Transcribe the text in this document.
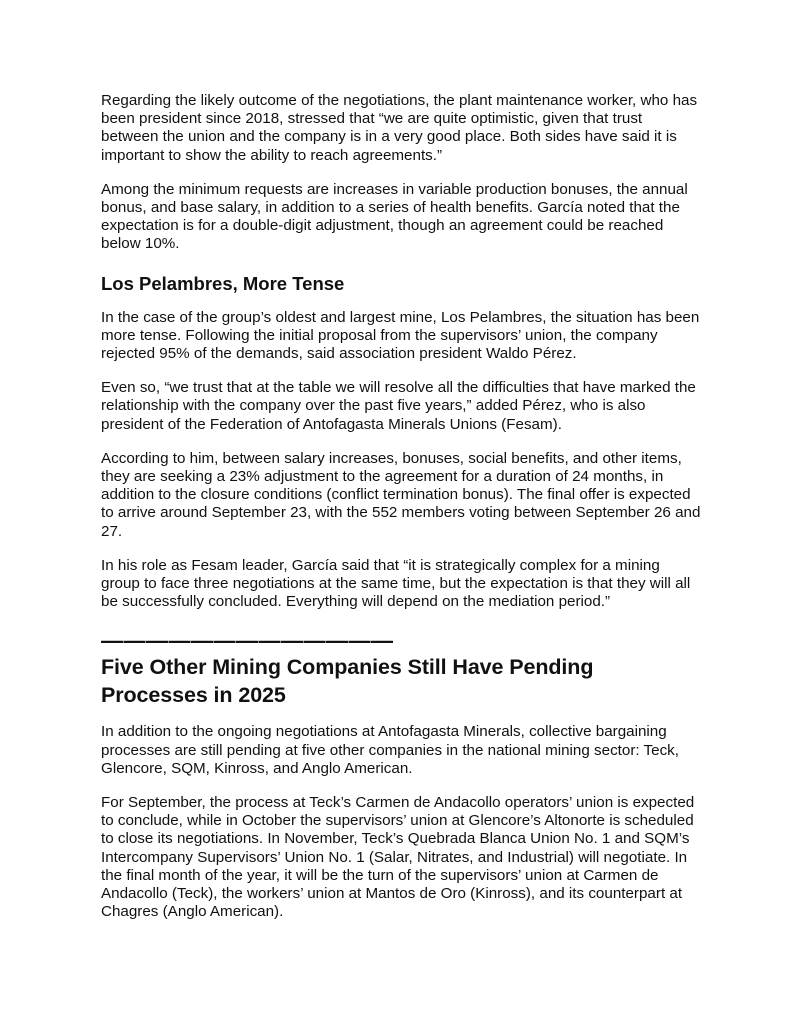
Regarding the likely outcome of the negotiations, the plant maintenance worker, who has been president since 2018, stressed that “we are quite optimistic, given that trust between the union and the company is in a very good place. Both sides have said it is important to show the ability to reach agreements.”

Among the minimum requests are increases in variable production bonuses, the annual bonus, and base salary, in addition to a series of health benefits. García noted that the expectation is for a double-digit adjustment, though an agreement could be reached below 10%.

Los Pelambres, More Tense

In the case of the group’s oldest and largest mine, Los Pelambres, the situation has been more tense. Following the initial proposal from the supervisors’ union, the company rejected 95% of the demands, said association president Waldo Pérez.

Even so, “we trust that at the table we will resolve all the difficulties that have marked the relationship with the company over the past five years,” added Pérez, who is also president of the Federation of Antofagasta Minerals Unions (Fesam).

According to him, between salary increases, bonuses, social benefits, and other items, they are seeking a 23% adjustment to the agreement for a duration of 24 months, in addition to the closure conditions (conflict termination bonus). The final offer is expected to arrive around September 23, with the 552 members voting between September 26 and 27.

In his role as Fesam leader, García said that “it is strategically complex for a mining group to face three negotiations at the same time, but the expectation is that they will all be successfully concluded. Everything will depend on the mediation period.”

—————————————
Five Other Mining Companies Still Have Pending Processes in 2025

In addition to the ongoing negotiations at Antofagasta Minerals, collective bargaining processes are still pending at five other companies in the national mining sector: Teck, Glencore, SQM, Kinross, and Anglo American.

For September, the process at Teck’s Carmen de Andacollo operators’ union is expected to conclude, while in October the supervisors’ union at Glencore’s Altonorte is scheduled to close its negotiations. In November, Teck’s Quebrada Blanca Union No. 1 and SQM’s Intercompany Supervisors’ Union No. 1 (Salar, Nitrates, and Industrial) will negotiate. In the final month of the year, it will be the turn of the supervisors’ union at Carmen de Andacollo (Teck), the workers’ union at Mantos de Oro (Kinross), and its counterpart at Chagres (Anglo American).
